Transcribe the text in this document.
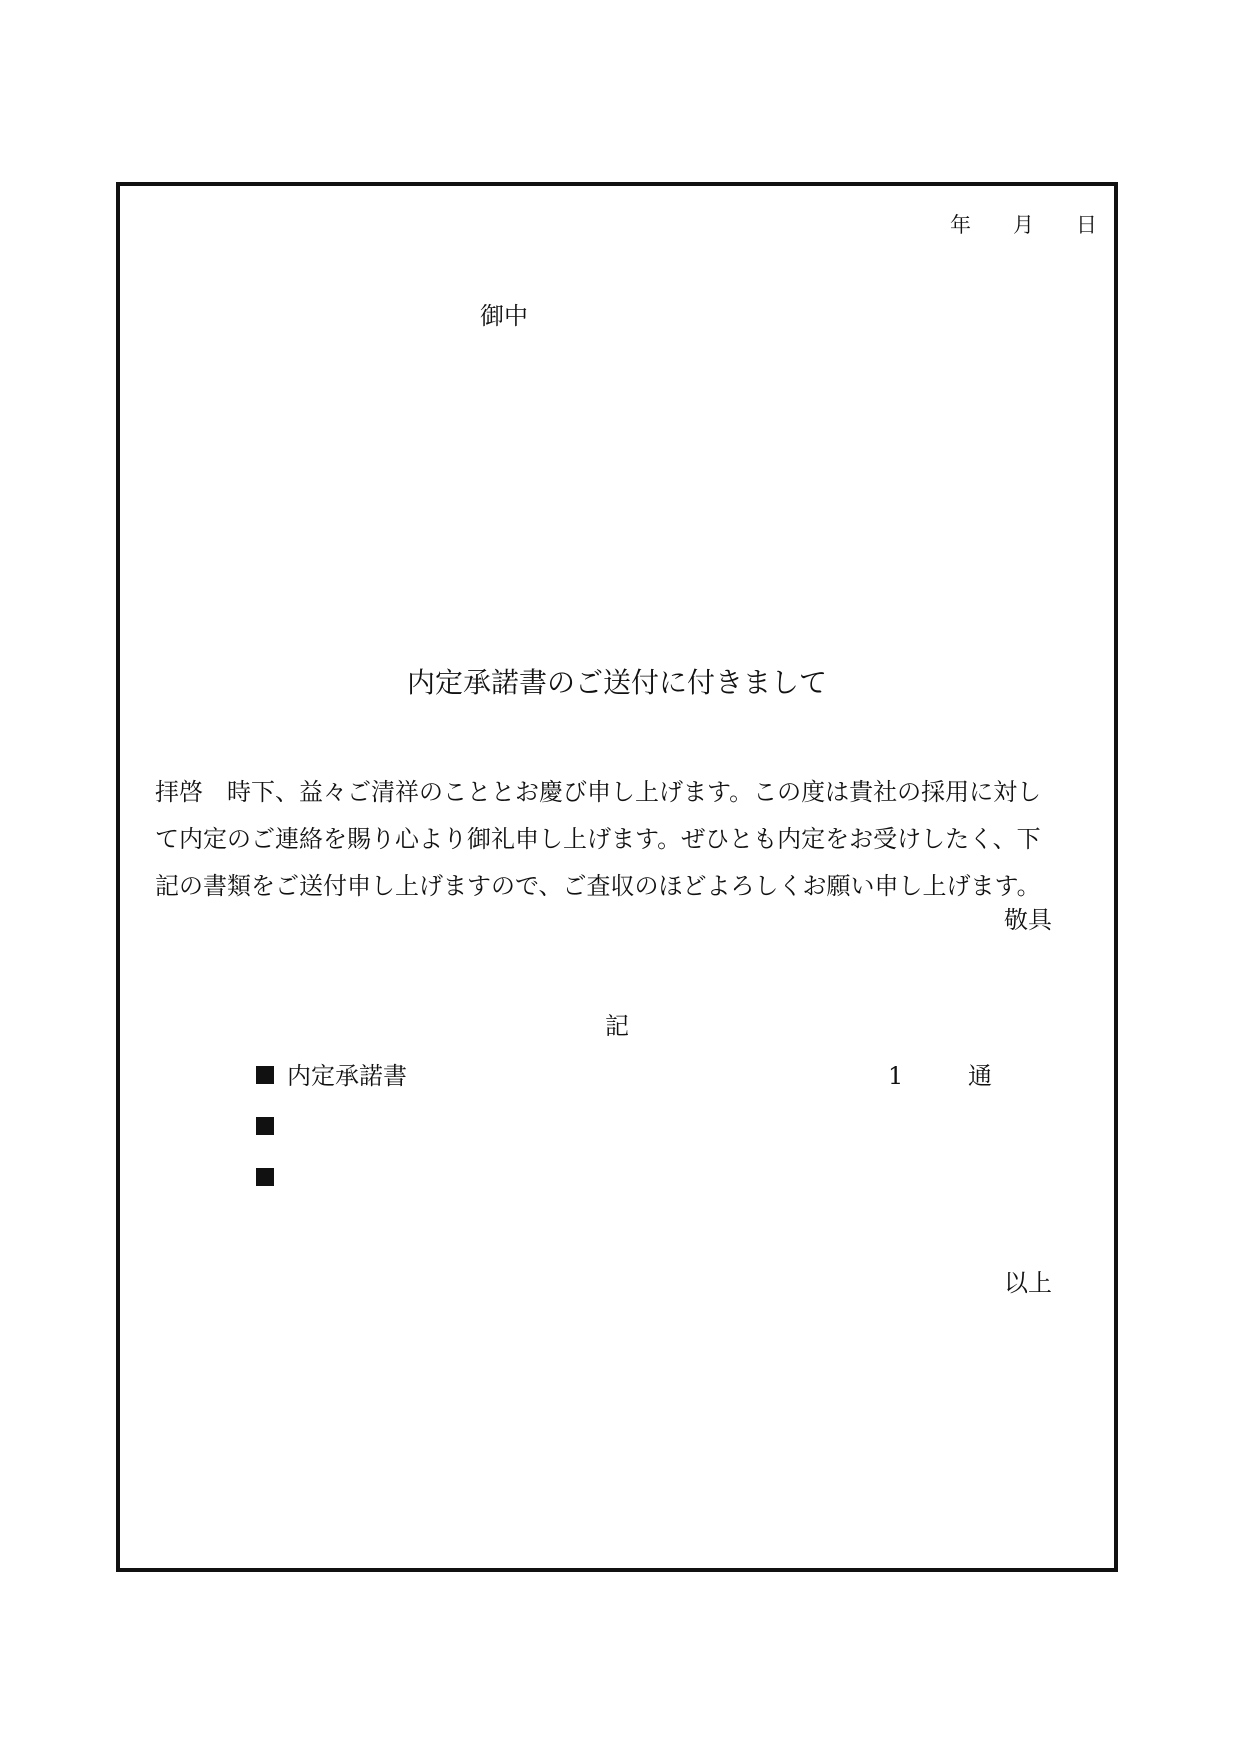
年 月 日
御中
内定承諾書のご送付に付きまして
拝啓　時下、益々ご清祥のこととお慶び申し上げます。この度は貴社の採用に対し
て内定のご連絡を賜り心より御礼申し上げます。ぜひとも内定をお受けしたく、下
記の書類をご送付申し上げますので、ご査収のほどよろしくお願い申し上げます。
敬具
記
内定承諾書	1	通
以上
